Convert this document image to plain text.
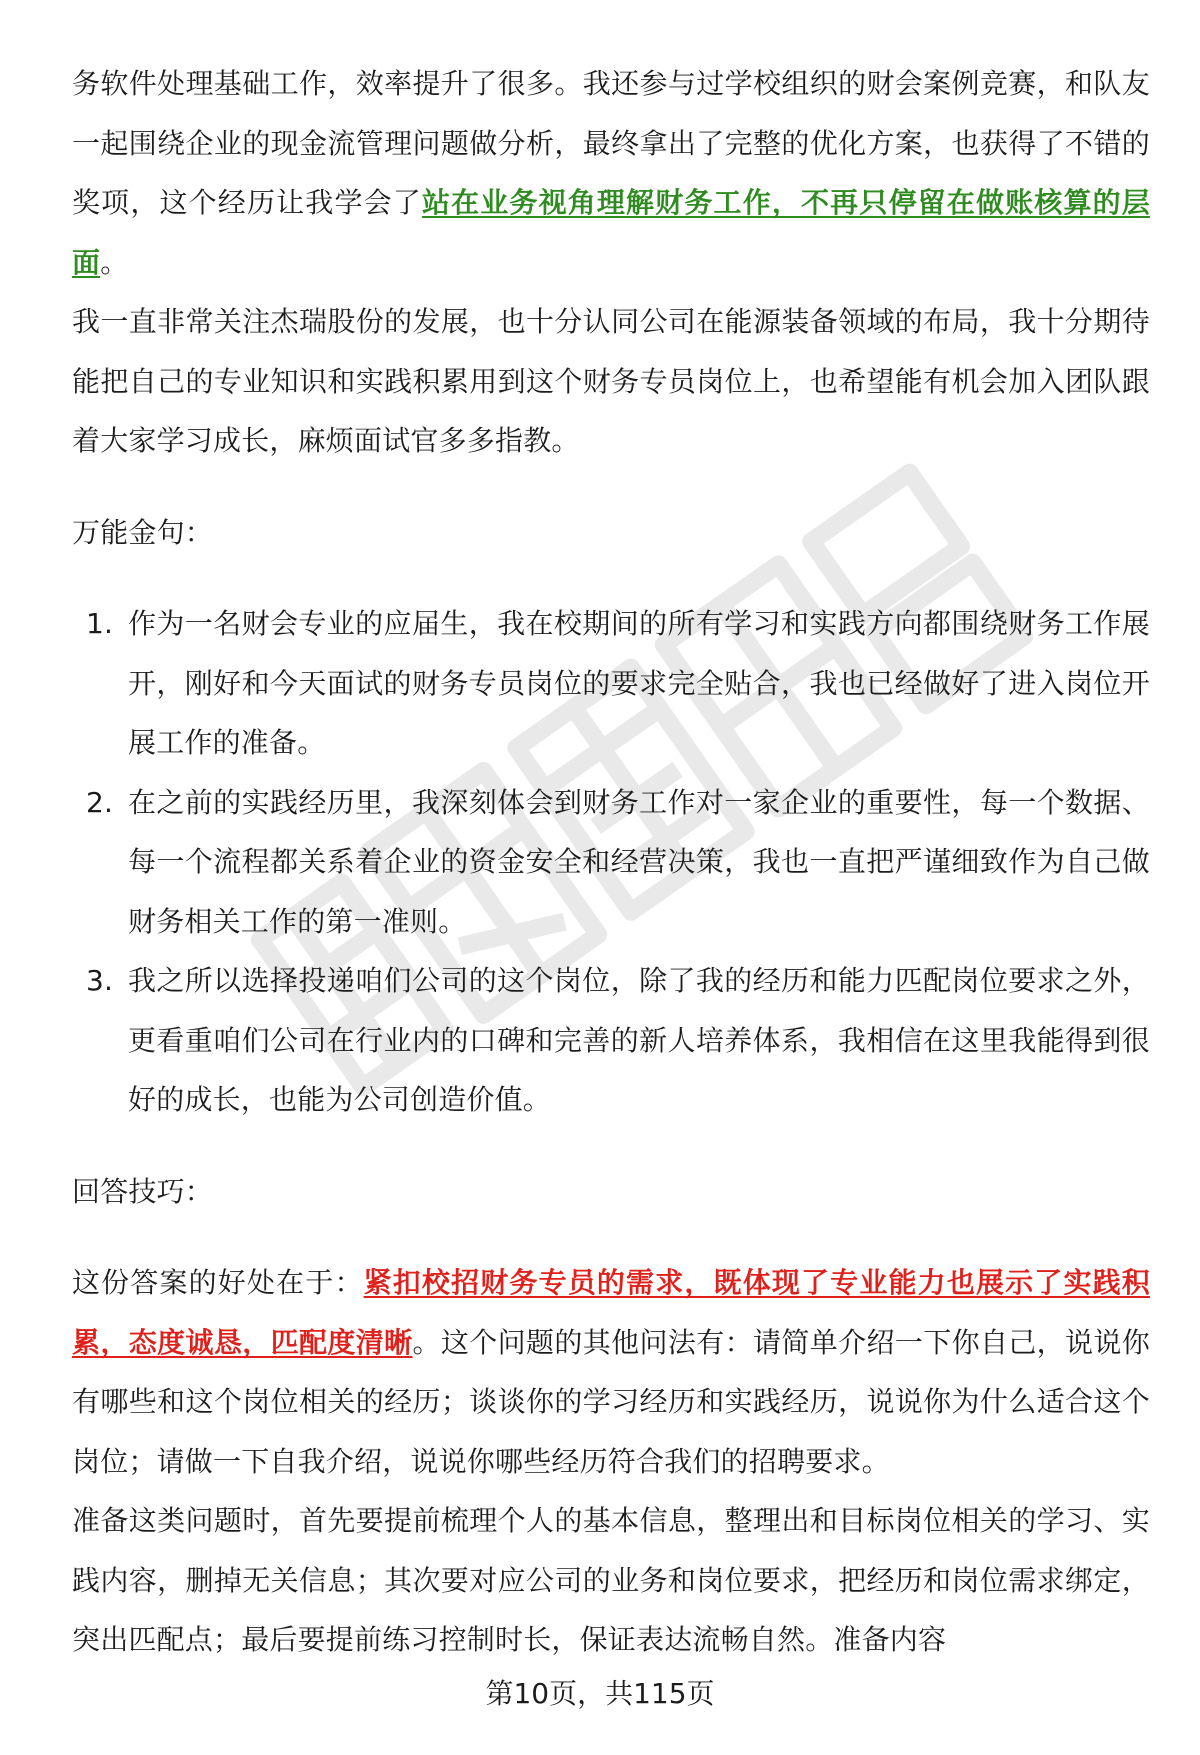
务软件处理基础工作，效率提升了很多。我还参与过学校组织的财会案例竞赛，和队友一起围绕企业的现金流管理问题做分析，最终拿出了完整的优化方案，也获得了不错的奖项，这个经历让我学会了站在业务视角理解财务工作，不再只停留在做账核算的层面。

我一直非常关注杰瑞股份的发展，也十分认同公司在能源装备领域的布局，我十分期待能把自己的专业知识和实践积累用到这个财务专员岗位上，也希望能有机会加入团队跟着大家学习成长，麻烦面试官多多指教。

万能金句：

1. 作为一名财会专业的应届生，我在校期间的所有学习和实践方向都围绕财务工作展开，刚好和今天面试的财务专员岗位的要求完全贴合，我也已经做好了进入岗位开展工作的准备。
2. 在之前的实践经历里，我深刻体会到财务工作对一家企业的重要性，每一个数据、每一个流程都关系着企业的资金安全和经营决策，我也一直把严谨细致作为自己做财务相关工作的第一准则。
3. 我之所以选择投递咱们公司的这个岗位，除了我的经历和能力匹配岗位要求之外，更看重咱们公司在行业内的口碑和完善的新人培养体系，我相信在这里我能得到很好的成长，也能为公司创造价值。

回答技巧：

这份答案的好处在于：紧扣校招财务专员的需求，既体现了专业能力也展示了实践积累，态度诚恳，匹配度清晰。这个问题的其他问法有：请简单介绍一下你自己，说说你有哪些和这个岗位相关的经历；谈谈你的学习经历和实践经历，说说你为什么适合这个岗位；请做一下自我介绍，说说你哪些经历符合我们的招聘要求。

准备这类问题时，首先要提前梳理个人的基本信息，整理出和目标岗位相关的学习、实践内容，删掉无关信息；其次要对应公司的业务和岗位要求，把经历和岗位需求绑定，突出匹配点；最后要提前练习控制时长，保证表达流畅自然。准备内容

第10页，共115页
